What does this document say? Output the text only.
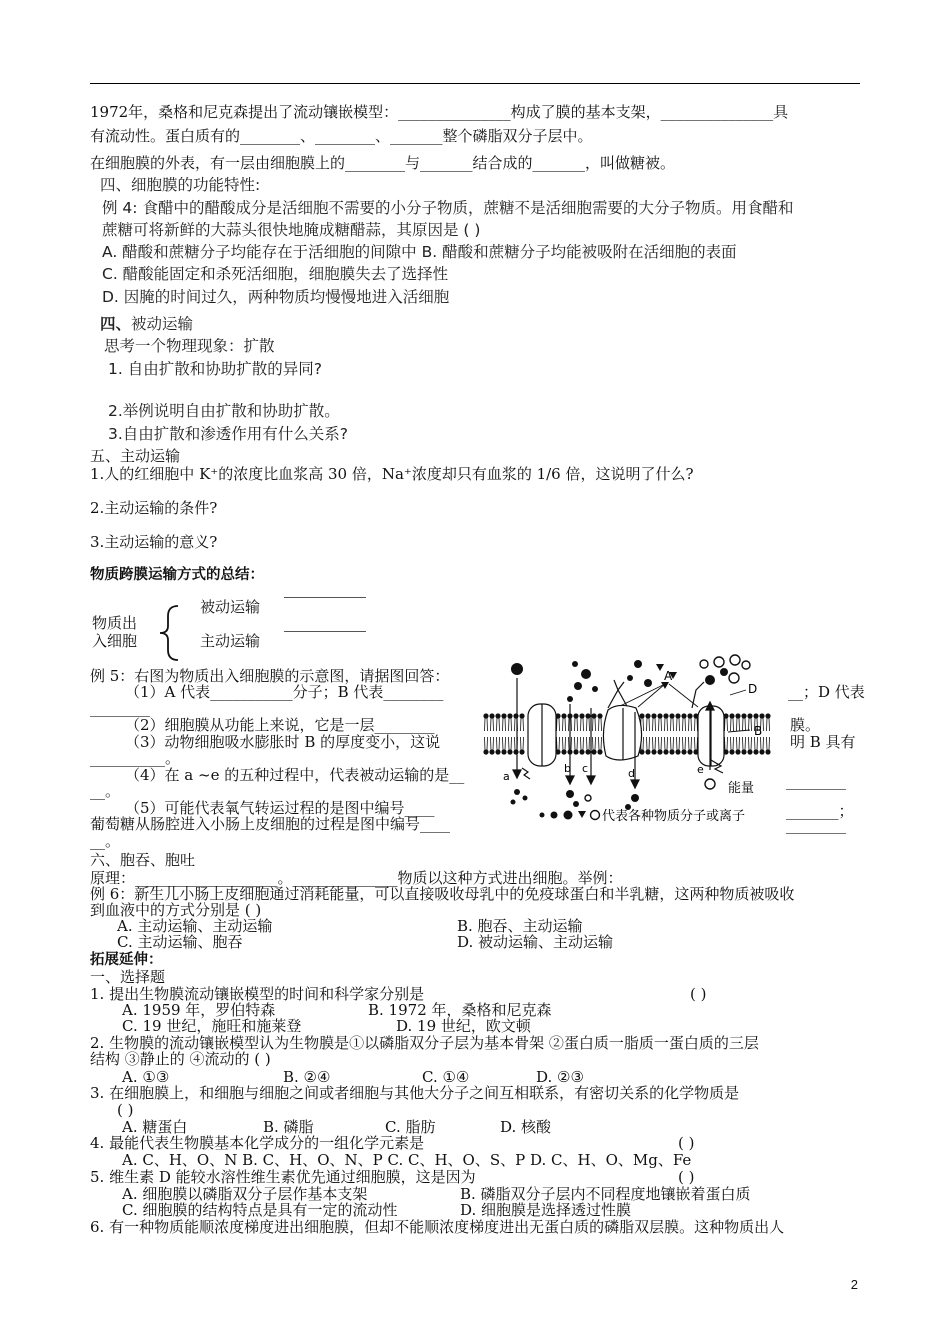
1972年，桑格和尼克森提出了流动镶嵌模型：_______________构成了膜的基本支架，_______________具
有流动性。蛋白质有的________、________、_______整个磷脂双分子层中。
在细胞膜的外表，有一层由细胞膜上的________与_______结合成的_______，叫做糖被。
四、细胞膜的功能特性:
例 4: 食醋中的醋酸成分是活细胞不需要的小分子物质，蔗糖不是活细胞需要的大分子物质。用食醋和
蔗糖可将新鲜的大蒜头很快地腌成糖醋蒜，其原因是 ( )
A. 醋酸和蔗糖分子均能存在于活细胞的间隙中 B. 醋酸和蔗糖分子均能被吸附在活细胞的表面
C. 醋酸能固定和杀死活细胞，细胞膜失去了选择性
D. 因腌的时间过久，两种物质均慢慢地进入活细胞
四、被动运输
思考一个物理现象：扩散
1. 自由扩散和协助扩散的异同?
2.举例说明自由扩散和协助扩散。
3.自由扩散和渗透作用有什么关系?
五、主动运输
1.人的红细胞中 K⁺的浓度比血浆高 30 倍，Na⁺浓度却只有血浆的 1/6 倍，这说明了什么?
2.主动运输的条件?
3.主动运输的意义?
物质跨膜运输方式的总结：
物质出
入细胞
被动运输
主动运输
例 5：右图为物质出入细胞膜的示意图，请据图回答：
（1）A 代表___________分子；B 代表________	__；D 代表
________
（2）细胞膜从功能上来说，它是一层________	膜。
（3）动物细胞吸水膨胀时 B 的厚度变小，这说	明 B 具有
__________。
（4）在 a ~e 的五种过程中，代表被动运输的是__	________
__。
（5）可能代表氧气转运过程的是图中编号____	_______；
葡萄糖从肠腔进入小肠上皮细胞的过程是图中编号____	________
__。
A
D
B
a
b c	d	e
能量
代表各种物质分子或离子
六、胞吞、胞吐
原理：___________________。______________物质以这种方式进出细胞。举例：
例 6：新生儿小肠上皮细胞通过消耗能量，可以直接吸收母乳中的免疫球蛋白和半乳糖，这两种物质被吸收
到血液中的方式分别是 ( )
A. 主动运输、主动运输	B. 胞吞、主动运输
C. 主动运输、胞吞	D. 被动运输、主动运输
拓展延伸：
一、选择题
1. 提出生物膜流动镶嵌模型的时间和科学家分别是	( )
A. 1959 年，罗伯特森	B. 1972 年，桑格和尼克森
C. 19 世纪，施旺和施莱登	D. 19 世纪，欧文顿
2. 生物膜的流动镶嵌模型认为生物膜是①以磷脂双分子层为基本骨架 ②蛋白质一脂质一蛋白质的三层
结构 ③静止的 ④流动的 ( )
A. ①③	B. ②④	C. ①④	D. ②③
3. 在细胞膜上，和细胞与细胞之间或者细胞与其他大分子之间互相联系，有密切关系的化学物质是
( )
A. 糖蛋白	B. 磷脂	C. 脂肪	D. 核酸
4. 最能代表生物膜基本化学成分的一组化学元素是	( )
A. C、H、O、N B. C、H、O、N、P C. C、H、O、S、P D. C、H、O、Mg、Fe
5. 维生素 D 能较水溶性维生素优先通过细胞膜，这是因为	( )
A. 细胞膜以磷脂双分子层作基本支架	B. 磷脂双分子层内不同程度地镶嵌着蛋白质
C. 细胞膜的结构特点是具有一定的流动性	D. 细胞膜是选择透过性膜
6. 有一种物质能顺浓度梯度进出细胞膜，但却不能顺浓度梯度进出无蛋白质的磷脂双层膜。这种物质出人
2
